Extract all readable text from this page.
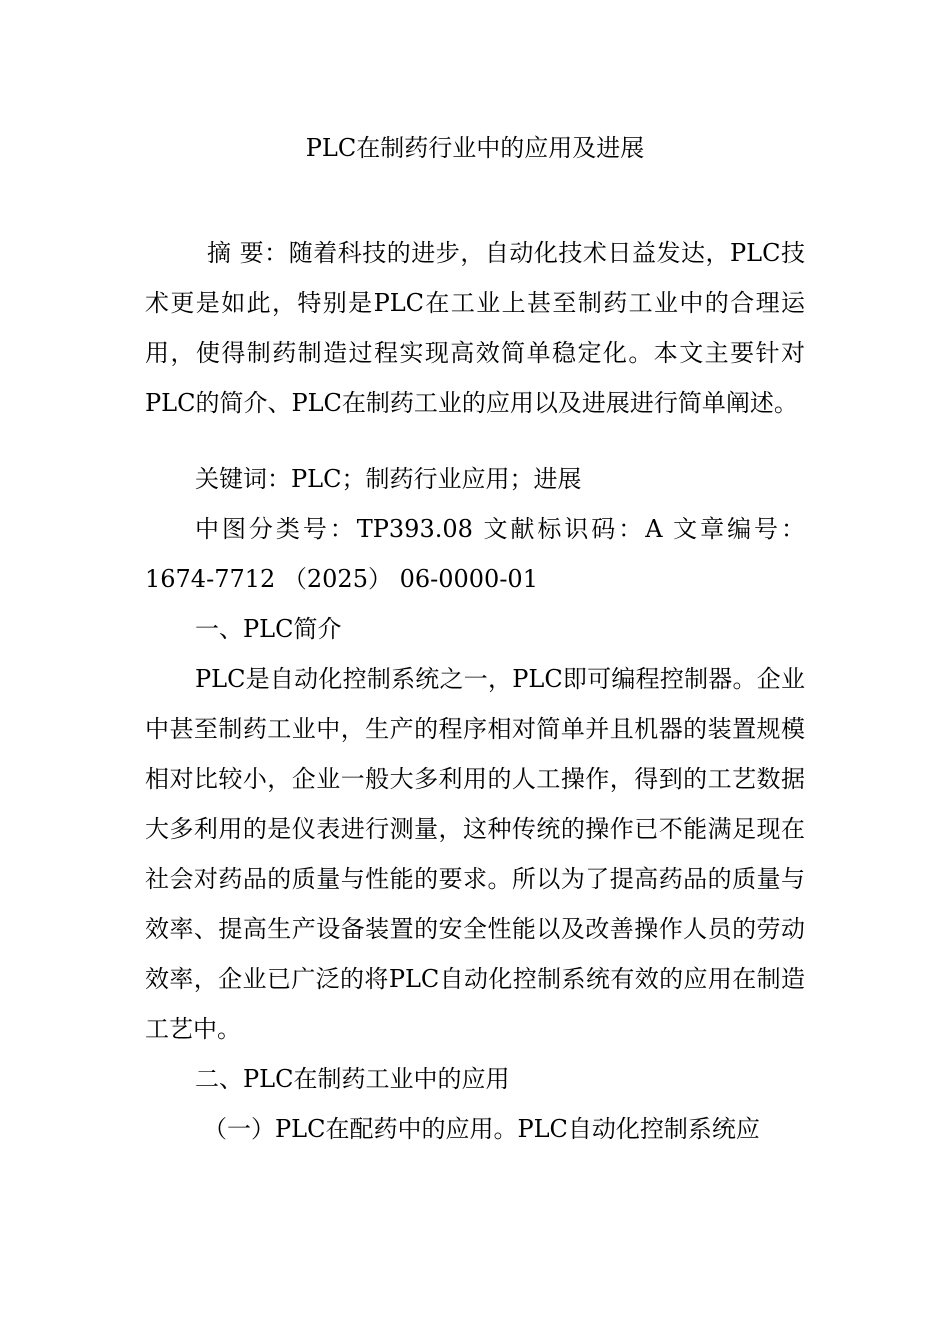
PLC在制药行业中的应用及进展

摘 要：随着科技的进步，自动化技术日益发达，PLC技术更是如此，特别是PLC在工业上甚至制药工业中的合理运用，使得制药制造过程实现高效简单稳定化。本文主要针对PLC的简介、PLC在制药工业的应用以及进展进行简单阐述。

关键词：PLC；制药行业应用；进展

中图分类号：TP393.08 文献标识码：A 文章编号：1674-7712 （2025） 06-0000-01

一、PLC简介

PLC是自动化控制系统之一，PLC即可编程控制器。企业中甚至制药工业中，生产的程序相对简单并且机器的装置规模相对比较小，企业一般大多利用的人工操作，得到的工艺数据大多利用的是仪表进行测量，这种传统的操作已不能满足现在社会对药品的质量与性能的要求。所以为了提高药品的质量与效率、提高生产设备装置的安全性能以及改善操作人员的劳动效率，企业已广泛的将PLC自动化控制系统有效的应用在制造工艺中。

二、PLC在制药工业中的应用

（一）PLC在配药中的应用。PLC自动化控制系统应
